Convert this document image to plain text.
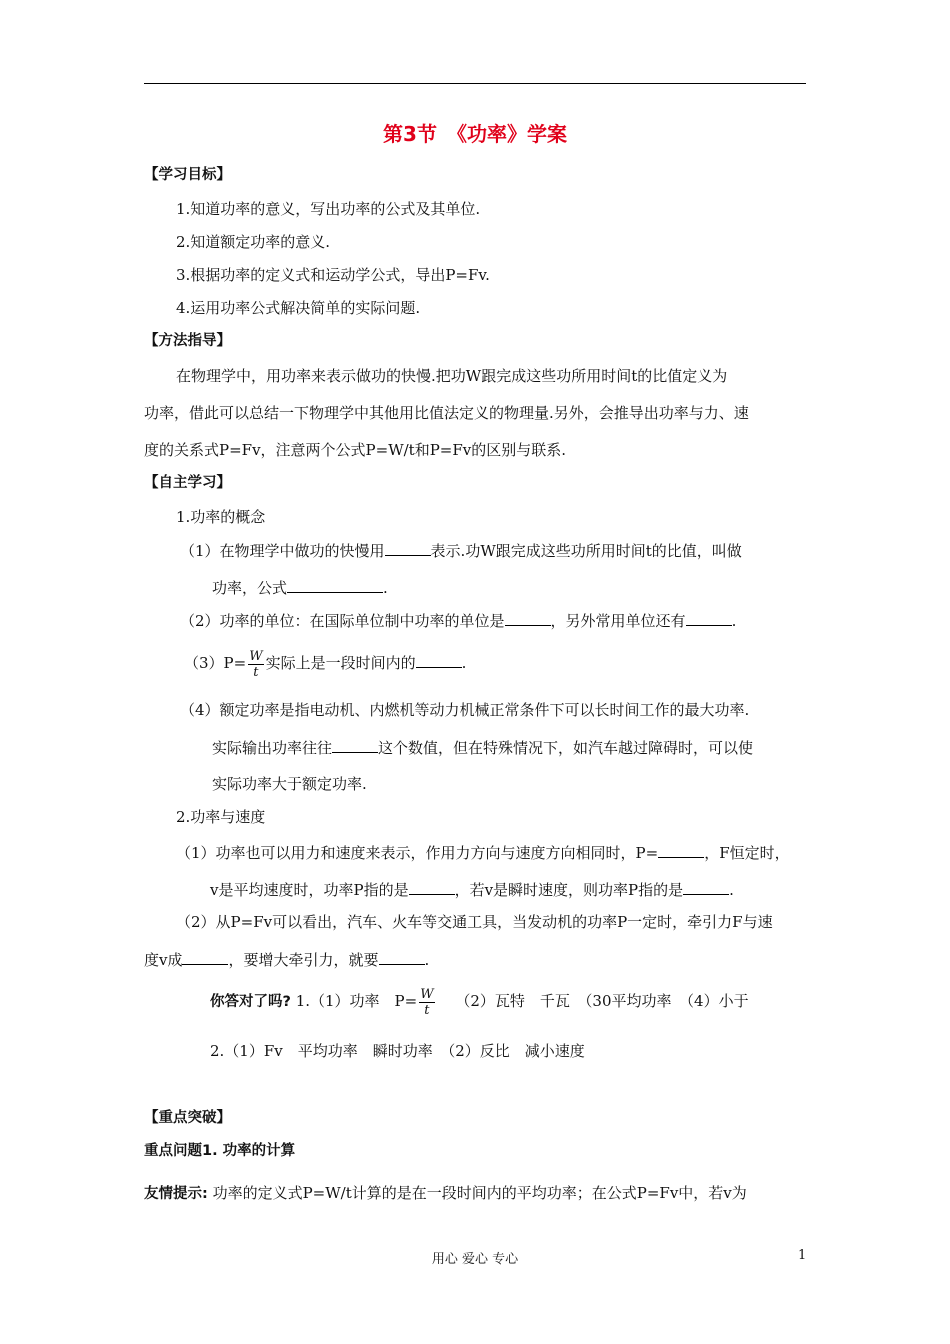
第3节　《功率》学案
【学习目标】
1.知道功率的意义，写出功率的公式及其单位.
2.知道额定功率的意义.
3.根据功率的定义式和运动学公式，导出P=Fv.
4.运用功率公式解决简单的实际问题.
【方法指导】
在物理学中，用功率来表示做功的快慢.把功W跟完成这些功所用时间t的比值定义为
功率，借此可以总结一下物理学中其他用比值法定义的物理量.另外，会推导出功率与力、速
度的关系式P=Fv，注意两个公式P=W/t和P=Fv的区别与联系.
【自主学习】
1.功率的概念
（1）在物理学中做功的快慢用	表示.功W跟完成这些功所用时间t的比值，叫做
功率，公式	.
（2）功率的单位：在国际单位制中功率的单位是	，另外常用单位还有	.
$(3)P= \frac{W}{t}$ 实际上是一段时间内的	.
（4）额定功率是指电动机、内燃机等动力机械正常条件下可以长时间工作的最大功率.
实际输出功率往往	这个数值，但在特殊情况下，如汽车越过障碍时，可以使
实际功率大于额定功率.
2.功率与速度
（1）功率也可以用力和速度来表示，作用力方向与速度方向相同时，P=	，F恒定时，
v是平均速度时，功率P指的是	，若v是瞬时速度，则功率P指的是	.
（2）从P=Fv可以看出，汽车、火车等交通工具，当发动机的功率P一定时，牵引力F与速
度v成	，要增大牵引力，就要	.
你答对了吗? 1.（1）功率　$P= \frac{W}{t} (2)$瓦特　千瓦　（30平均功率　（4）小于
2.（1）Fv　平均功率　瞬时功率　（2）反比　减小速度
【重点突破】
重点问题1. 功率的计算
友情提示: 功率的定义式P=W/t计算的是在一段时间内的平均功率；在公式P=Fv中，若v为
用心 爱心 专心	1
